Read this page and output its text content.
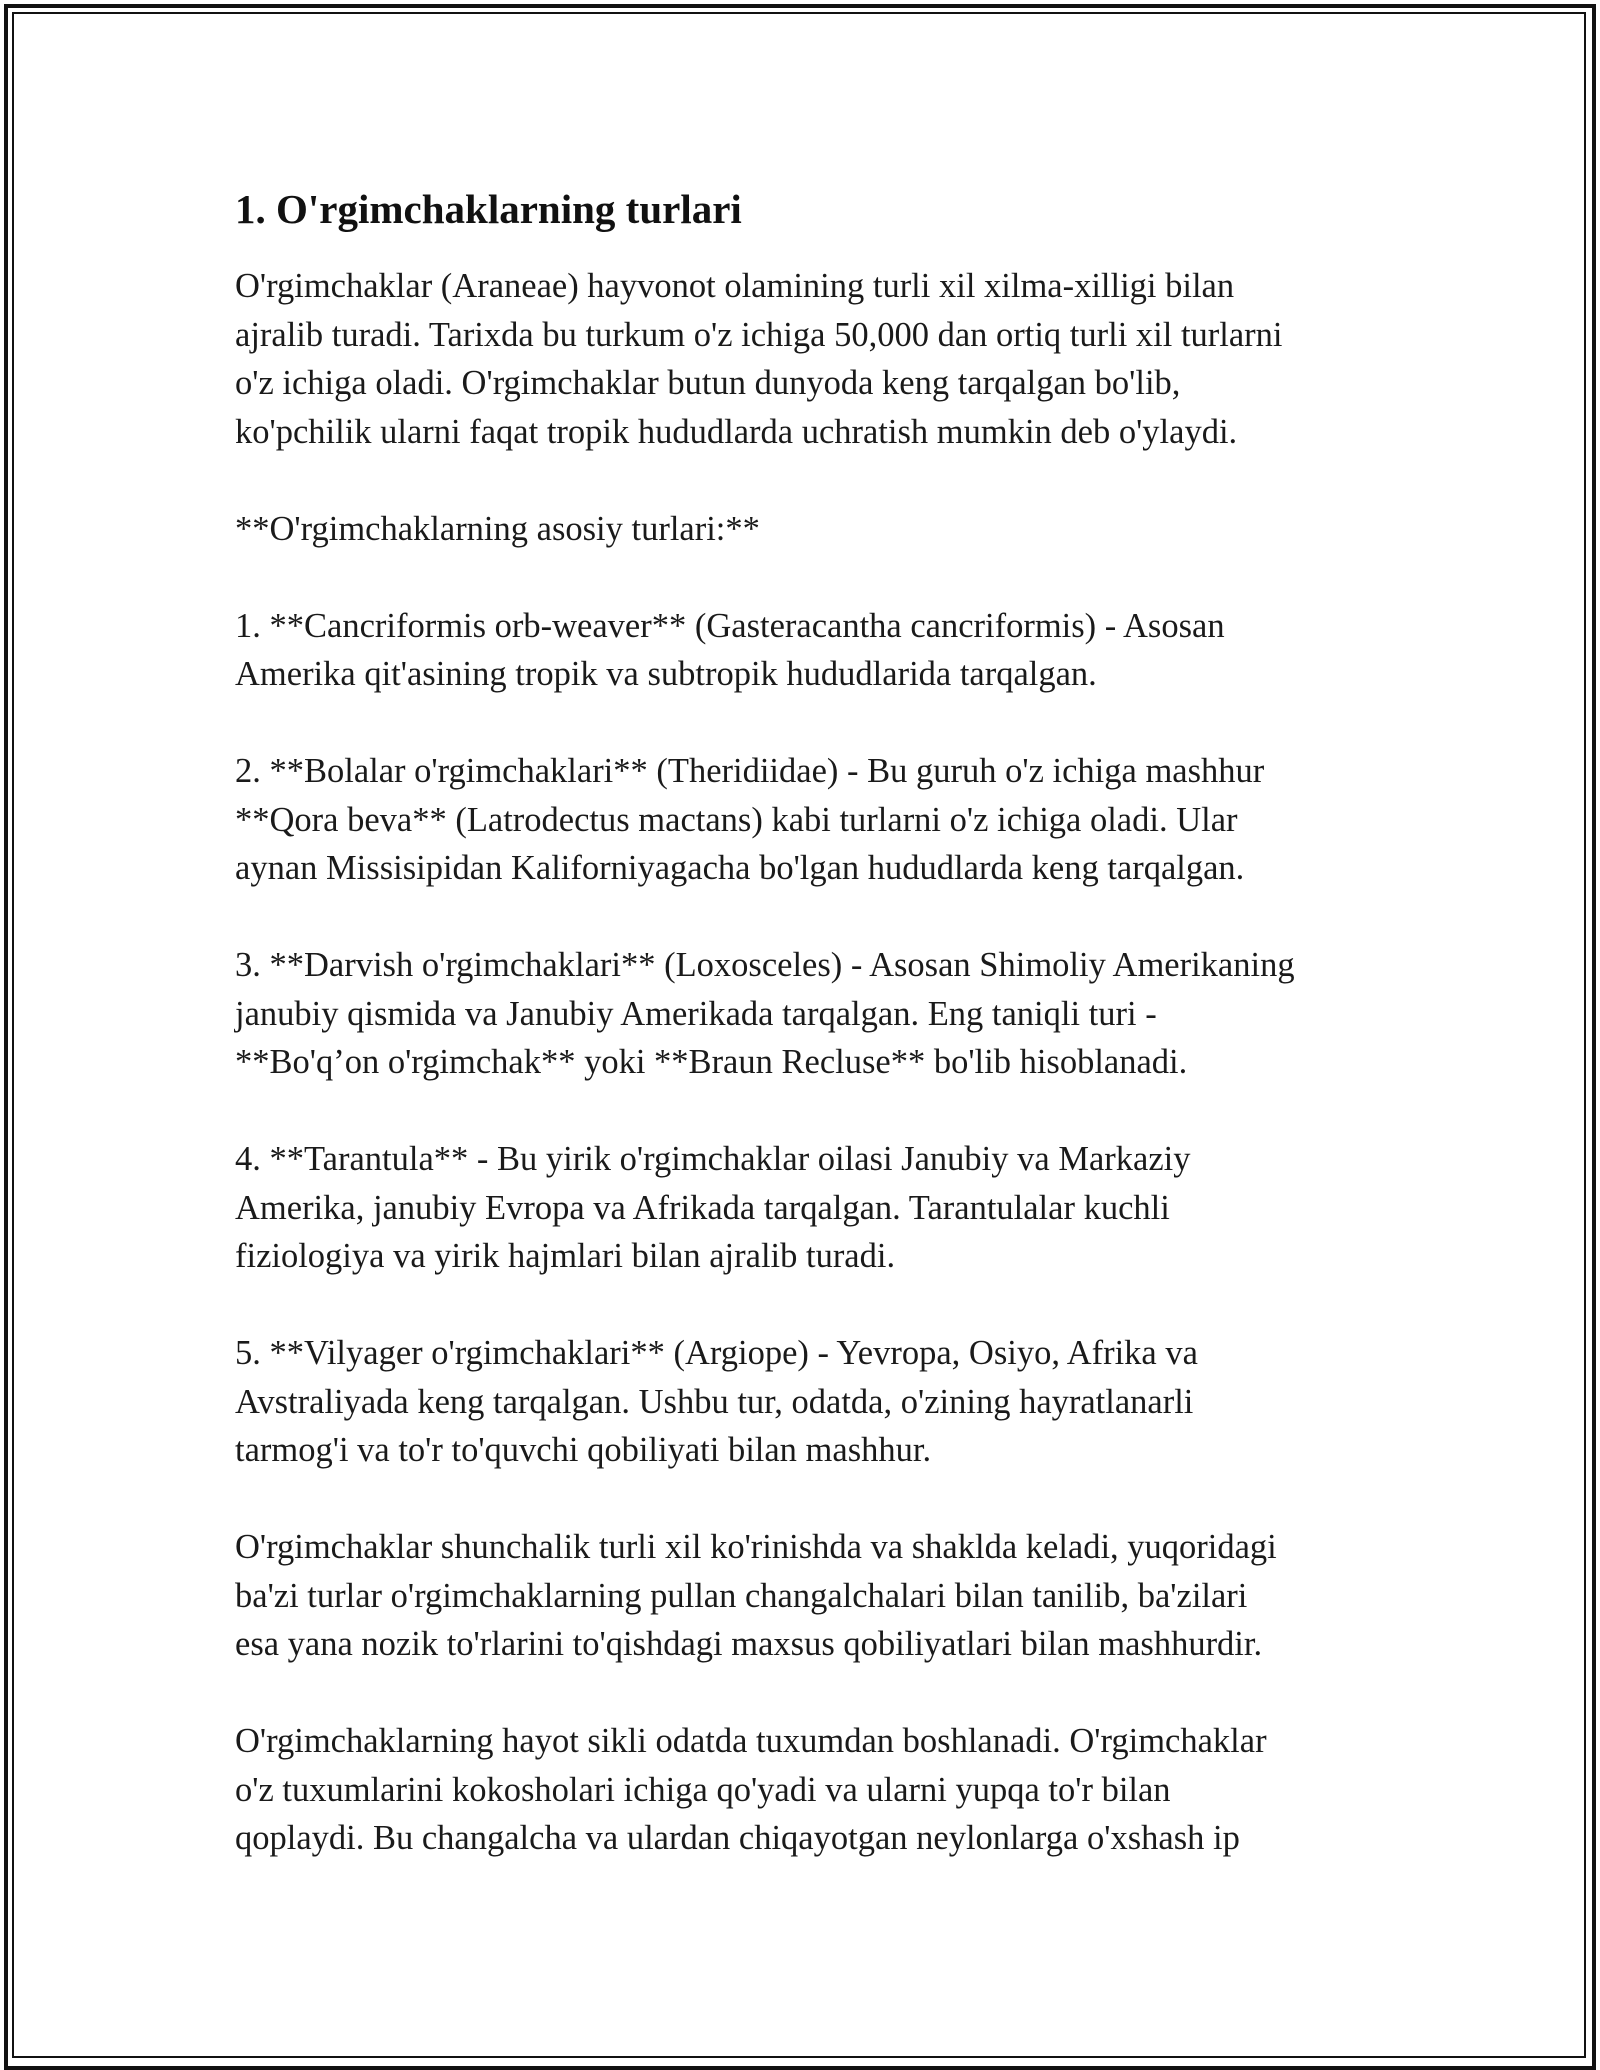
1. O'rgimchaklarning turlari

O'rgimchaklar (Araneae) hayvonot olamining turli xil xilma-xilligi bilan
ajralib turadi. Tarixda bu turkum o'z ichiga 50,000 dan ortiq turli xil turlarni
o'z ichiga oladi. O'rgimchaklar butun dunyoda keng tarqalgan bo'lib,
ko'pchilik ularni faqat tropik hududlarda uchratish mumkin deb o'ylaydi.

**O'rgimchaklarning asosiy turlari:**

1. **Cancriformis orb-weaver** (Gasteracantha cancriformis) - Asosan
Amerika qit'asining tropik va subtropik hududlarida tarqalgan.

2. **Bolalar o'rgimchaklari** (Theridiidae) - Bu guruh o'z ichiga mashhur
**Qora beva** (Latrodectus mactans) kabi turlarni o'z ichiga oladi. Ular
aynan Missisipidan Kaliforniyagacha bo'lgan hududlarda keng tarqalgan.

3. **Darvish o'rgimchaklari** (Loxosceles) - Asosan Shimoliy Amerikaning
janubiy qismida va Janubiy Amerikada tarqalgan. Eng taniqli turi -
**Bo'q’on o'rgimchak** yoki **Braun Recluse** bo'lib hisoblanadi.

4. **Tarantula** - Bu yirik o'rgimchaklar oilasi Janubiy va Markaziy
Amerika, janubiy Evropa va Afrikada tarqalgan. Tarantulalar kuchli
fiziologiya va yirik hajmlari bilan ajralib turadi.

5. **Vilyager o'rgimchaklari** (Argiope) - Yevropa, Osiyo, Afrika va
Avstraliyada keng tarqalgan. Ushbu tur, odatda, o'zining hayratlanarli
tarmog'i va to'r to'quvchi qobiliyati bilan mashhur.

O'rgimchaklar shunchalik turli xil ko'rinishda va shaklda keladi, yuqoridagi
ba'zi turlar o'rgimchaklarning pullan changalchalari bilan tanilib, ba'zilari
esa yana nozik to'rlarini to'qishdagi maxsus qobiliyatlari bilan mashhurdir.

O'rgimchaklarning hayot sikli odatda tuxumdan boshlanadi. O'rgimchaklar
o'z tuxumlarini kokosholari ichiga qo'yadi va ularni yupqa to'r bilan
qoplaydi. Bu changalcha va ulardan chiqayotgan neylonlarga o'xshash ip
